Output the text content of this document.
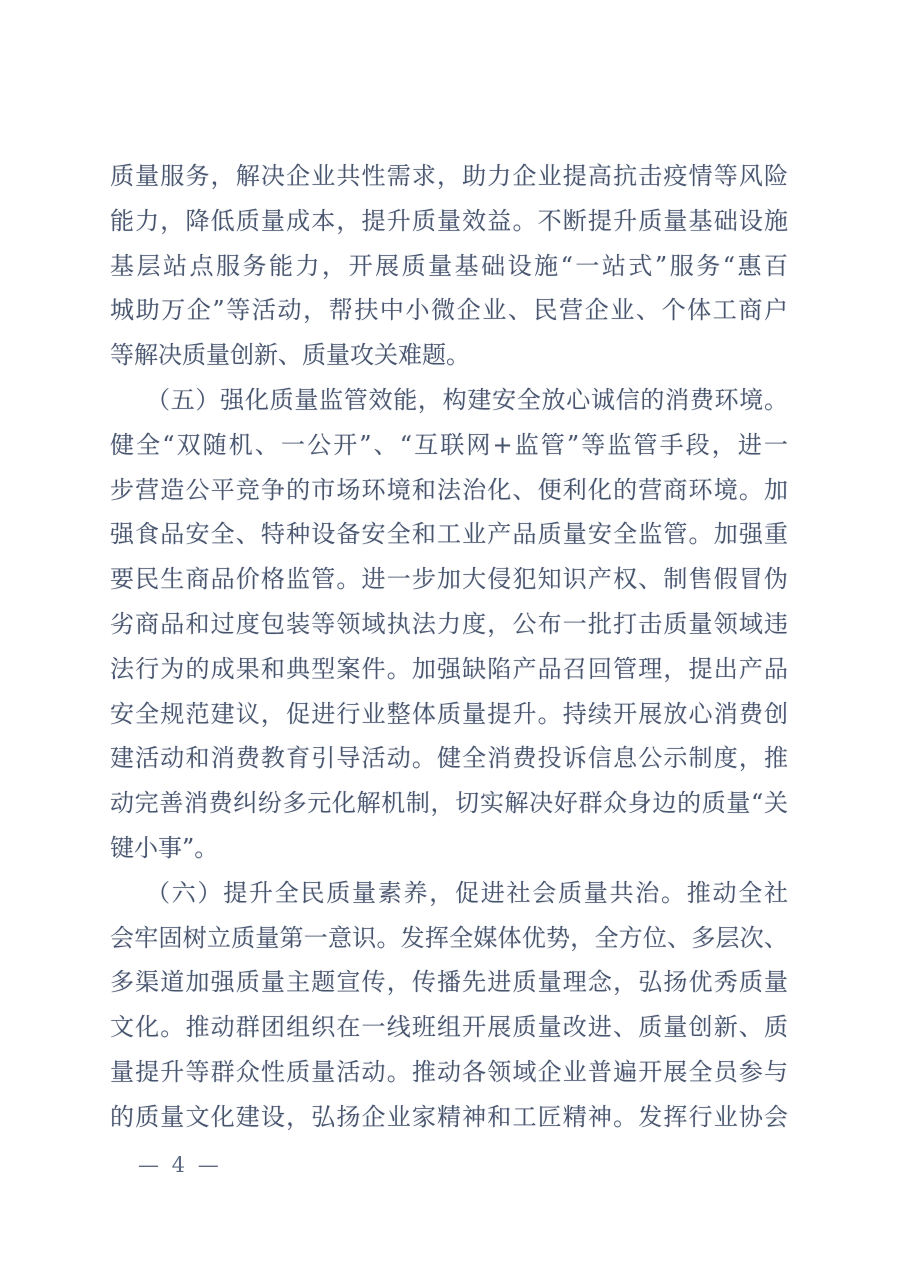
质量服务，解决企业共性需求，助力企业提高抗击疫情等风险
能力，降低质量成本，提升质量效益。不断提升质量基础设施
基层站点服务能力，开展质量基础设施“一站式”服务“惠百
城助万企”等活动，帮扶中小微企业、民营企业、个体工商户
等解决质量创新、质量攻关难题。
（五）强化质量监管效能，构建安全放心诚信的消费环境。
健全“双随机、一公开”、“互联网+监管”等监管手段，进一
步营造公平竞争的市场环境和法治化、便利化的营商环境。加
强食品安全、特种设备安全和工业产品质量安全监管。加强重
要民生商品价格监管。进一步加大侵犯知识产权、制售假冒伪
劣商品和过度包装等领域执法力度，公布一批打击质量领域违
法行为的成果和典型案件。加强缺陷产品召回管理，提出产品
安全规范建议，促进行业整体质量提升。持续开展放心消费创
建活动和消费教育引导活动。健全消费投诉信息公示制度，推
动完善消费纠纷多元化解机制，切实解决好群众身边的质量“关
键小事”。
（六）提升全民质量素养，促进社会质量共治。推动全社
会牢固树立质量第一意识。发挥全媒体优势，全方位、多层次、
多渠道加强质量主题宣传，传播先进质量理念，弘扬优秀质量
文化。推动群团组织在一线班组开展质量改进、质量创新、质
量提升等群众性质量活动。推动各领域企业普遍开展全员参与
的质量文化建设，弘扬企业家精神和工匠精神。发挥行业协会
— 4 —
